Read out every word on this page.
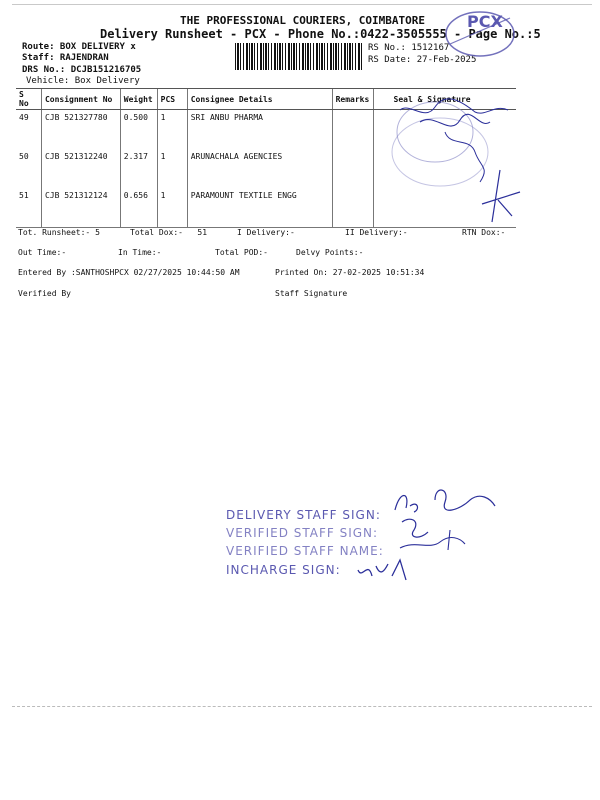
THE PROFESSIONAL COURIERS, COIMBATORE
Delivery Runsheet - PCX - Phone No.:0422-3505555 - Page No.:5
Route: BOX DELIVERY x
Staff: RAJENDRAN
DRS No.: DCJB151216705
Vehicle: Box Delivery
RS No.: 1512167
RS Date: 27-Feb-2025
PCX
S No	Consignment No	Weight	PCS	Consignee Details	Remarks	Seal & Signature
49	CJB 521327780	0.500	1	SRI ANBU PHARMA		
50	CJB 521312240	2.317	1	ARUNACHALA AGENCIES		
51	CJB 521312124	0.656	1	PARAMOUNT TEXTILE ENGG		
Tot. Runsheet:- 5	Total Dox:-   51	I Delivery:-	II Delivery:-	RTN Dox:-
Out Time:-	In Time:-	Total POD:-	Delvy Points:-
Entered By :SANTHOSHPCX 02/27/2025 10:44:50 AM	Printed On: 27-02-2025 10:51:34
Verified By	Staff Signature
DELIVERY STAFF SIGN:
VERIFIED STAFF SIGN:
VERIFIED STAFF NAME:
INCHARGE SIGN:
